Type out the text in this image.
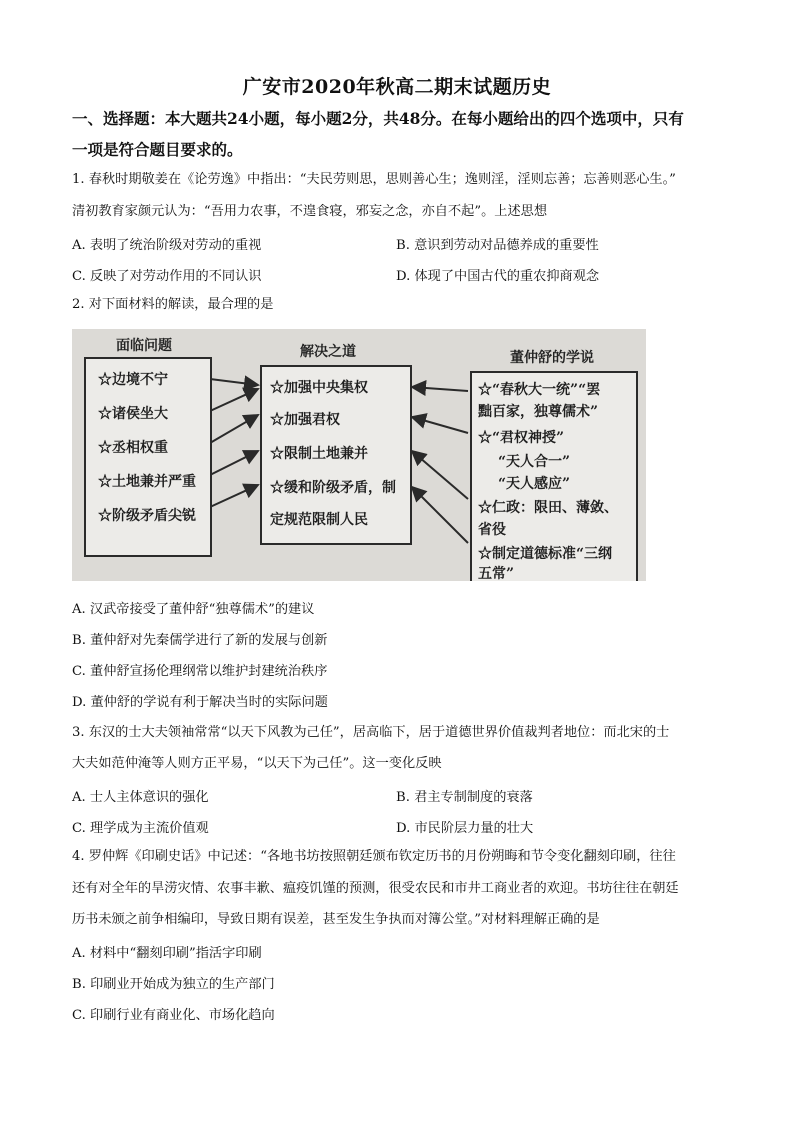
广安市2020年秋高二期末试题历史
一、选择题：本大题共24小题，每小题2分，共48分。在每小题给出的四个选项中，只有
一项是符合题目要求的。
1. 春秋时期敬姜在《论劳逸》中指出：“夫民劳则思，思则善心生；逸则淫，淫则忘善；忘善则恶心生。”
清初教育家颜元认为：“吾用力农事，不遑食寝，邪妄之念，亦自不起”。上述思想
A. 表明了统治阶级对劳动的重视	B. 意识到劳动对品德养成的重要性
C. 反映了对劳动作用的不同认识	D. 体现了中国古代的重农抑商观念
2. 对下面材料的解读，最合理的是
面临问题
☆边境不宁
☆诸侯坐大
☆丞相权重
☆土地兼并严重
☆阶级矛盾尖锐
解决之道
☆加强中央集权
☆加强君权
☆限制土地兼并
☆缓和阶级矛盾，制
定规范限制人民
董仲舒的学说
☆“春秋大一统”“罢
黜百家，独尊儒术”
☆“君权神授”
“天人合一”
“天人感应”
☆仁政：限田、薄敛、
省役
☆制定道德标准“三纲
五常”
A. 汉武帝接受了董仲舒“独尊儒术”的建议
B. 董仲舒对先秦儒学进行了新的发展与创新
C. 董仲舒宣扬伦理纲常以维护封建统治秩序
D. 董仲舒的学说有利于解决当时的实际问题
3. 东汉的士大夫领袖常常“以天下风教为己任”，居高临下，居于道德世界价值裁判者地位：而北宋的士
大夫如范仲淹等人则方正平易，“以天下为己任”。这一变化反映
A. 士人主体意识的强化	B. 君主专制制度的衰落
C. 理学成为主流价值观	D. 市民阶层力量的壮大
4. 罗仲辉《印刷史话》中记述：“各地书坊按照朝廷颁布钦定历书的月份朔晦和节令变化翻刻印刷，往往
还有对全年的旱涝灾情、农事丰歉、瘟疫饥馑的预测，很受农民和市井工商业者的欢迎。书坊往往在朝廷
历书未颁之前争相编印，导致日期有误差，甚至发生争执而对簿公堂。”对材料理解正确的是
A. 材料中“翻刻印刷”指活字印刷
B. 印刷业开始成为独立的生产部门
C. 印刷行业有商业化、市场化趋向
